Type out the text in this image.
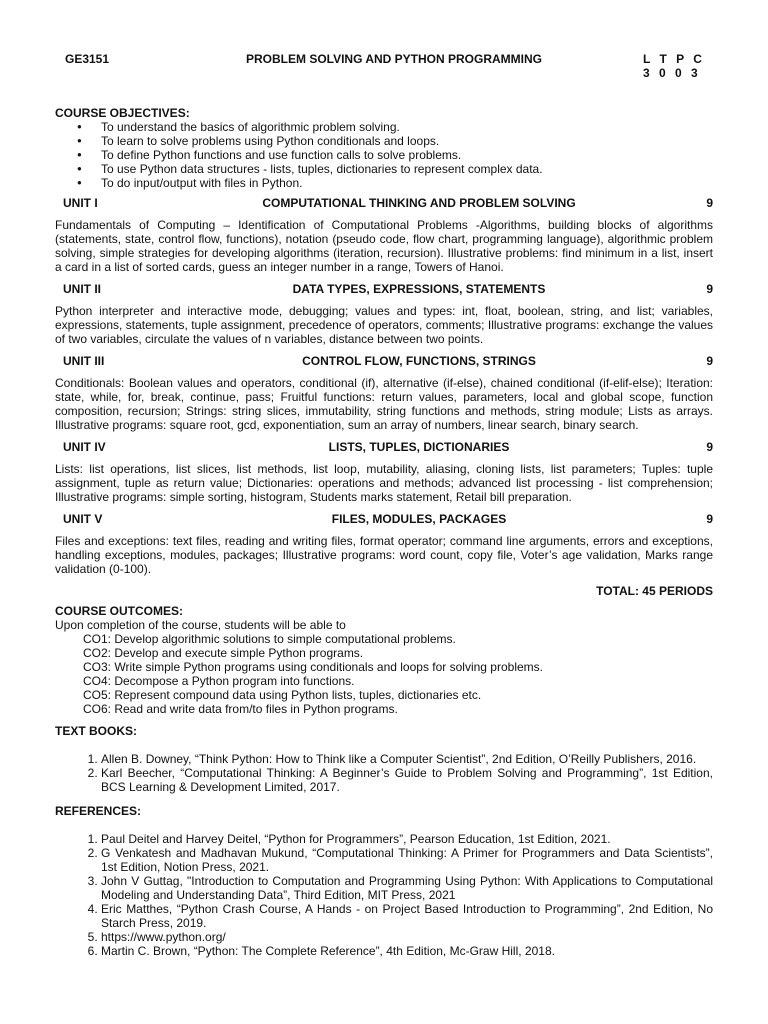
GE3151	PROBLEM SOLVING AND PYTHON PROGRAMMING	L T P C
3 0 0 3
COURSE OBJECTIVES:
● To understand the basics of algorithmic problem solving.
● To learn to solve problems using Python conditionals and loops.
● To define Python functions and use function calls to solve problems.
● To use Python data structures - lists, tuples, dictionaries to represent complex data.
● To do input/output with files in Python.
UNIT I	COMPUTATIONAL THINKING AND PROBLEM SOLVING	9
Fundamentals of Computing – Identification of Computational Problems -Algorithms, building blocks of algorithms (statements, state, control flow, functions), notation (pseudo code, flow chart, programming language), algorithmic problem solving, simple strategies for developing algorithms (iteration, recursion). Illustrative problems: find minimum in a list, insert a card in a list of sorted cards, guess an integer number in a range, Towers of Hanoi.
UNIT II	DATA TYPES, EXPRESSIONS, STATEMENTS	9
Python interpreter and interactive mode, debugging; values and types: int, float, boolean, string, and list; variables, expressions, statements, tuple assignment, precedence of operators, comments; Illustrative programs: exchange the values of two variables, circulate the values of n variables, distance between two points.
UNIT III	CONTROL FLOW, FUNCTIONS, STRINGS	9
Conditionals: Boolean values and operators, conditional (if), alternative (if-else), chained conditional (if-elif-else); Iteration: state, while, for, break, continue, pass; Fruitful functions: return values, parameters, local and global scope, function composition, recursion; Strings: string slices, immutability, string functions and methods, string module; Lists as arrays. Illustrative programs: square root, gcd, exponentiation, sum an array of numbers, linear search, binary search.
UNIT IV	LISTS, TUPLES, DICTIONARIES	9
Lists: list operations, list slices, list methods, list loop, mutability, aliasing, cloning lists, list parameters; Tuples: tuple assignment, tuple as return value; Dictionaries: operations and methods; advanced list processing - list comprehension; Illustrative programs: simple sorting, histogram, Students marks statement, Retail bill preparation.
UNIT V	FILES, MODULES, PACKAGES	9
Files and exceptions: text files, reading and writing files, format operator; command line arguments, errors and exceptions, handling exceptions, modules, packages; Illustrative programs: word count, copy file, Voter’s age validation, Marks range validation (0-100).
TOTAL: 45 PERIODS
COURSE OUTCOMES:
Upon completion of the course, students will be able to
CO1: Develop algorithmic solutions to simple computational problems.
CO2: Develop and execute simple Python programs.
CO3: Write simple Python programs using conditionals and loops for solving problems.
CO4: Decompose a Python program into functions.
CO5: Represent compound data using Python lists, tuples, dictionaries etc.
CO6: Read and write data from/to files in Python programs.
TEXT BOOKS:
1. Allen B. Downey, “Think Python: How to Think like a Computer Scientist”, 2nd Edition, O’Reilly Publishers, 2016.
2. Karl Beecher, “Computational Thinking: A Beginner’s Guide to Problem Solving and Programming”, 1st Edition, BCS Learning & Development Limited, 2017.
REFERENCES:
1. Paul Deitel and Harvey Deitel, “Python for Programmers”, Pearson Education, 1st Edition, 2021.
2. G Venkatesh and Madhavan Mukund, “Computational Thinking: A Primer for Programmers and Data Scientists”, 1st Edition, Notion Press, 2021.
3. John V Guttag, "Introduction to Computation and Programming Using Python: With Applications to Computational Modeling and Understanding Data”, Third Edition, MIT Press, 2021
4. Eric Matthes, “Python Crash Course, A Hands - on Project Based Introduction to Programming”, 2nd Edition, No Starch Press, 2019.
5. https://www.python.org/
6. Martin C. Brown, “Python: The Complete Reference”, 4th Edition, Mc-Graw Hill, 2018.
